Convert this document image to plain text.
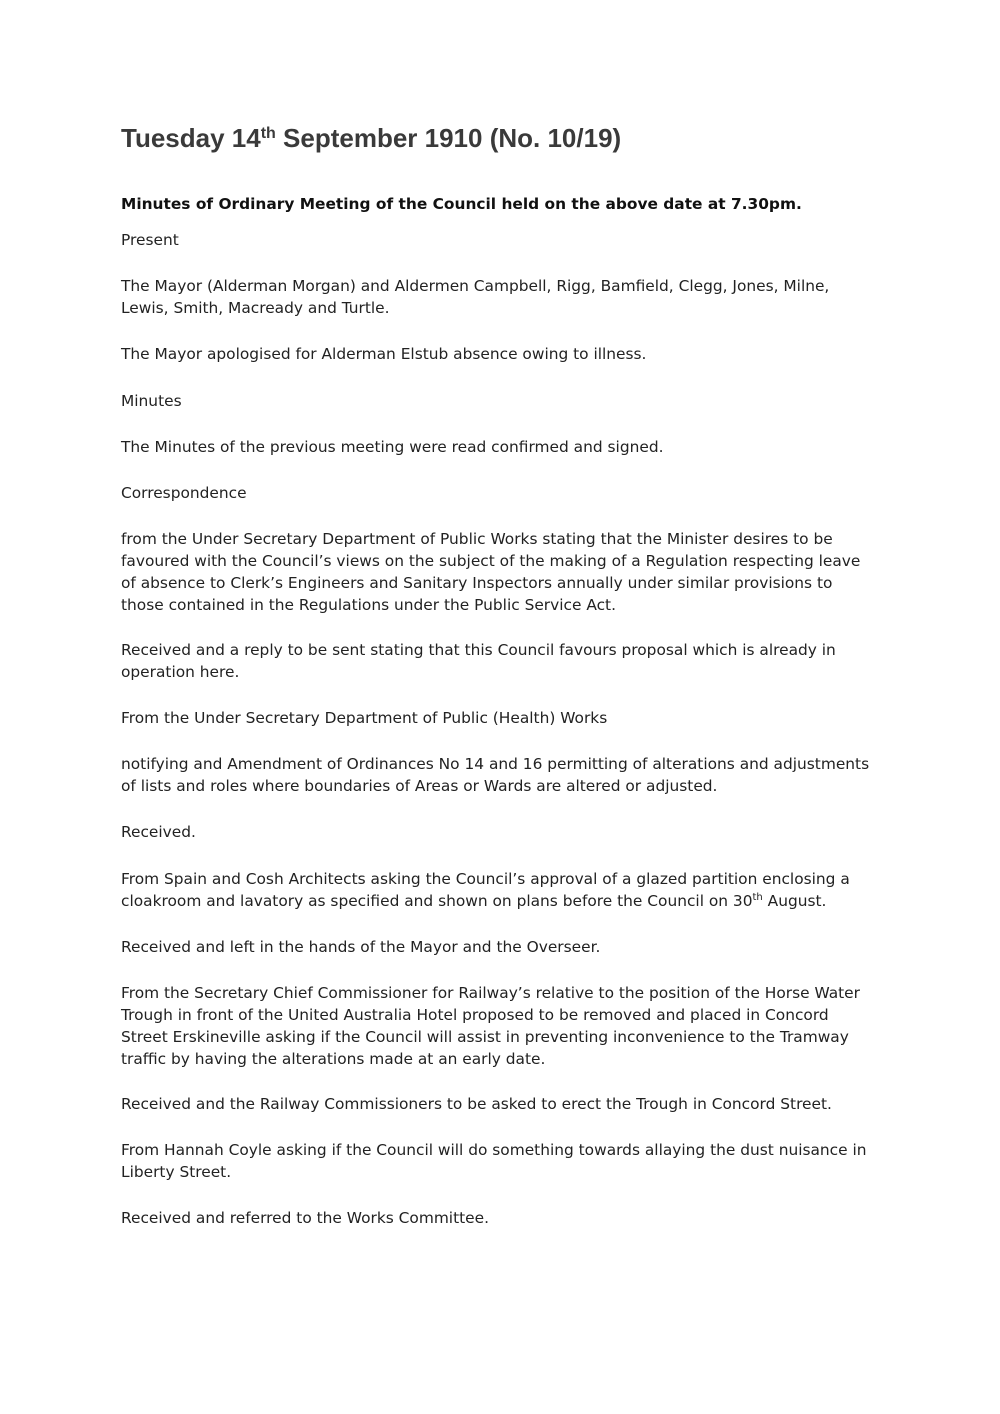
Tuesday 14th September 1910 (No. 10/19)

Minutes of Ordinary Meeting of the Council held on the above date at 7.30pm.

Present

The Mayor (Alderman Morgan) and Aldermen Campbell, Rigg, Bamfield, Clegg, Jones, Milne,
Lewis, Smith, Macready and Turtle.

The Mayor apologised for Alderman Elstub absence owing to illness.

Minutes

The Minutes of the previous meeting were read confirmed and signed.

Correspondence

from the Under Secretary Department of Public Works stating that the Minister desires to be
favoured with the Council’s views on the subject of the making of a Regulation respecting leave
of absence to Clerk’s Engineers and Sanitary Inspectors annually under similar provisions to
those contained in the Regulations under the Public Service Act.

Received and a reply to be sent stating that this Council favours proposal which is already in
operation here.

From the Under Secretary Department of Public (Health) Works

notifying and Amendment of Ordinances No 14 and 16 permitting of alterations and adjustments
of lists and roles where boundaries of Areas or Wards are altered or adjusted.

Received.

From Spain and Cosh Architects asking the Council’s approval of a glazed partition enclosing a
cloakroom and lavatory as specified and shown on plans before the Council on 30th August.

Received and left in the hands of the Mayor and the Overseer.

From the Secretary Chief Commissioner for Railway’s relative to the position of the Horse Water
Trough in front of the United Australia Hotel proposed to be removed and placed in Concord
Street Erskineville asking if the Council will assist in preventing inconvenience to the Tramway
traffic by having the alterations made at an early date.

Received and the Railway Commissioners to be asked to erect the Trough in Concord Street.

From Hannah Coyle asking if the Council will do something towards allaying the dust nuisance in
Liberty Street.

Received and referred to the Works Committee.
